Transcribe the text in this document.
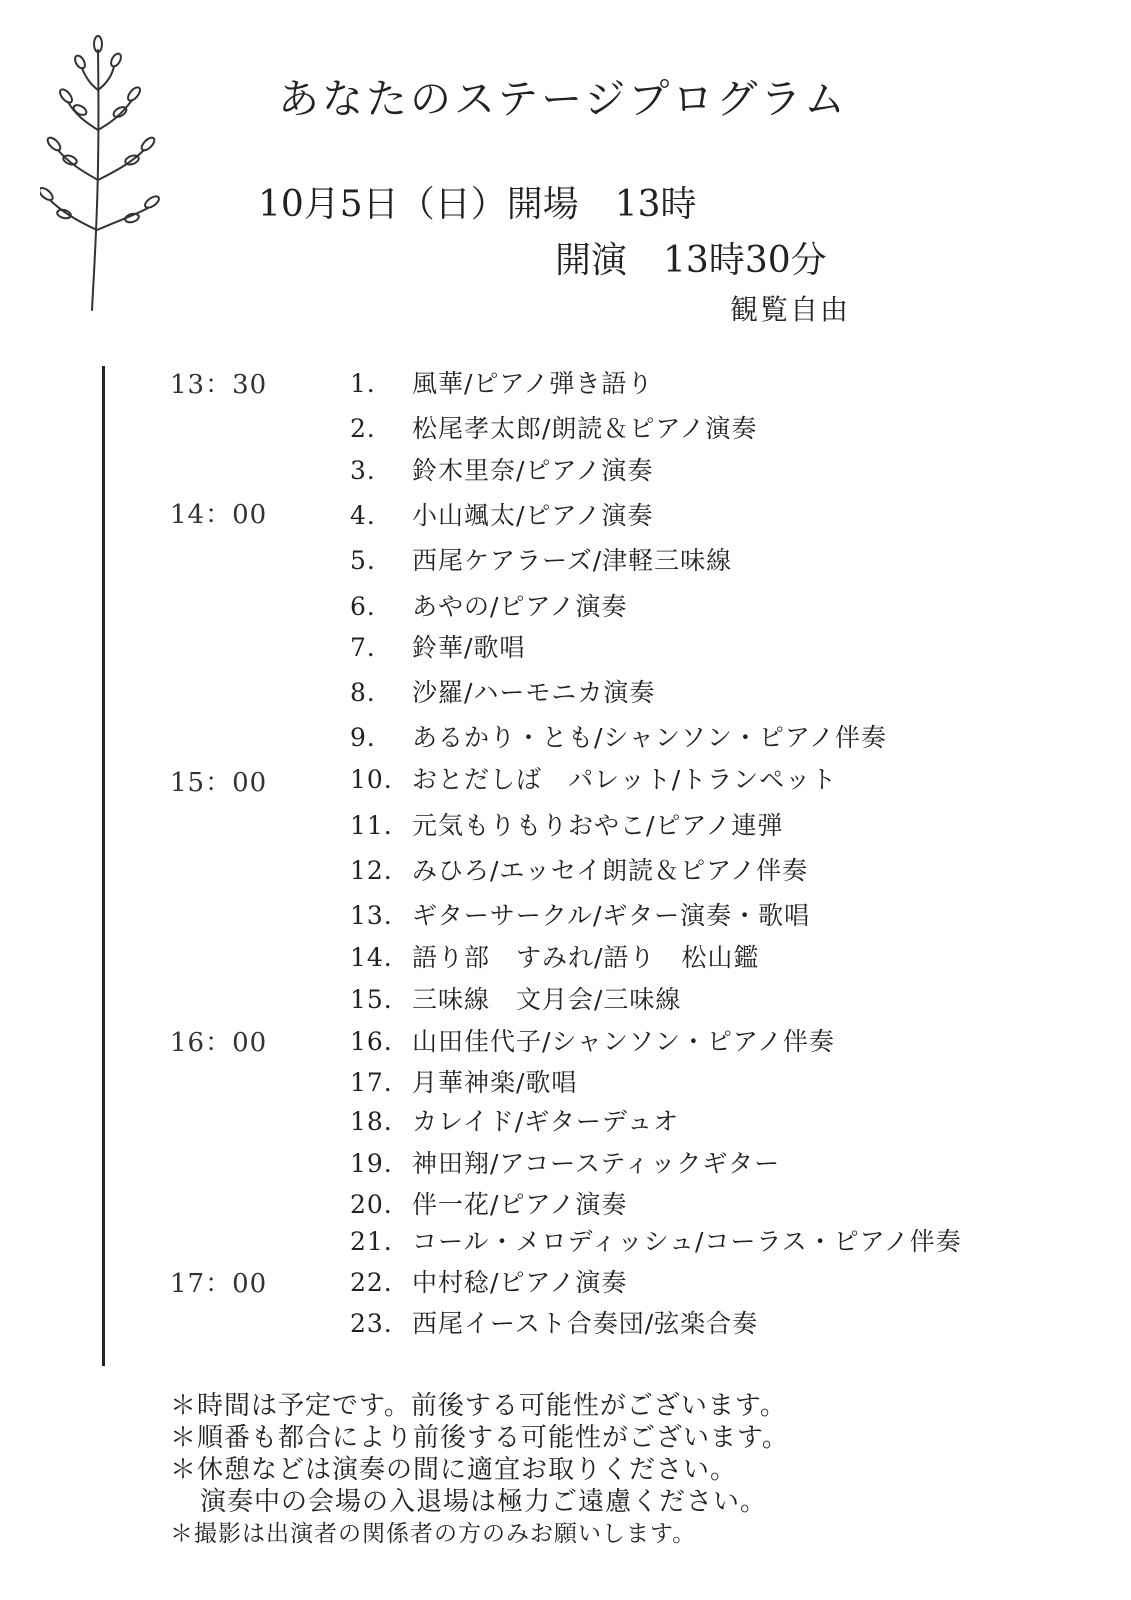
あなたのステージプログラム
10月5日（日）開場　 13時
開演　 13時30分
観覧自由
13：30
14：00
15：00
16：00
17：00
1． 風華/ピアノ弾き語り
2． 松尾孝太郎/朗読＆ピアノ演奏
3． 鈴木里奈/ピアノ演奏
4． 小山颯太/ピアノ演奏
5. 西尾ケアラーズ/津軽三味線
6． あやの/ピアノ演奏
7． 鈴華/歌唱
8． 沙羅/ハーモニカ演奏
9． あるかり・とも/シャンソン・ピアノ伴奏
10. おとだしば　パレット/トランペット
11. 元気もりもりおやこ/ピアノ連弾
12. みひろ/エッセイ朗読＆ピアノ伴奏
13. ギターサークル/ギター演奏・歌唱
14. 語り部　すみれ/語り　松山鑑
15. 三味線　文月会/三味線
16. 山田佳代子/シャンソン・ピアノ伴奏
17. 月華神楽/歌唱
18. カレイド/ギターデュオ
19. 神田翔/アコースティックギター
20. 伴一花/ピアノ演奏
21. コール・メロディッシュ/コーラス・ピアノ伴奏
22. 中村稔/ピアノ演奏
23. 西尾イースト合奏団/弦楽合奏
＊時間は予定です。前後する可能性がございます。
＊順番も都合により前後する可能性がございます。
＊休憩などは演奏の間に適宜お取りください。
演奏中の会場の入退場は極力ご遠慮ください。
＊撮影は出演者の関係者の方のみお願いします。
